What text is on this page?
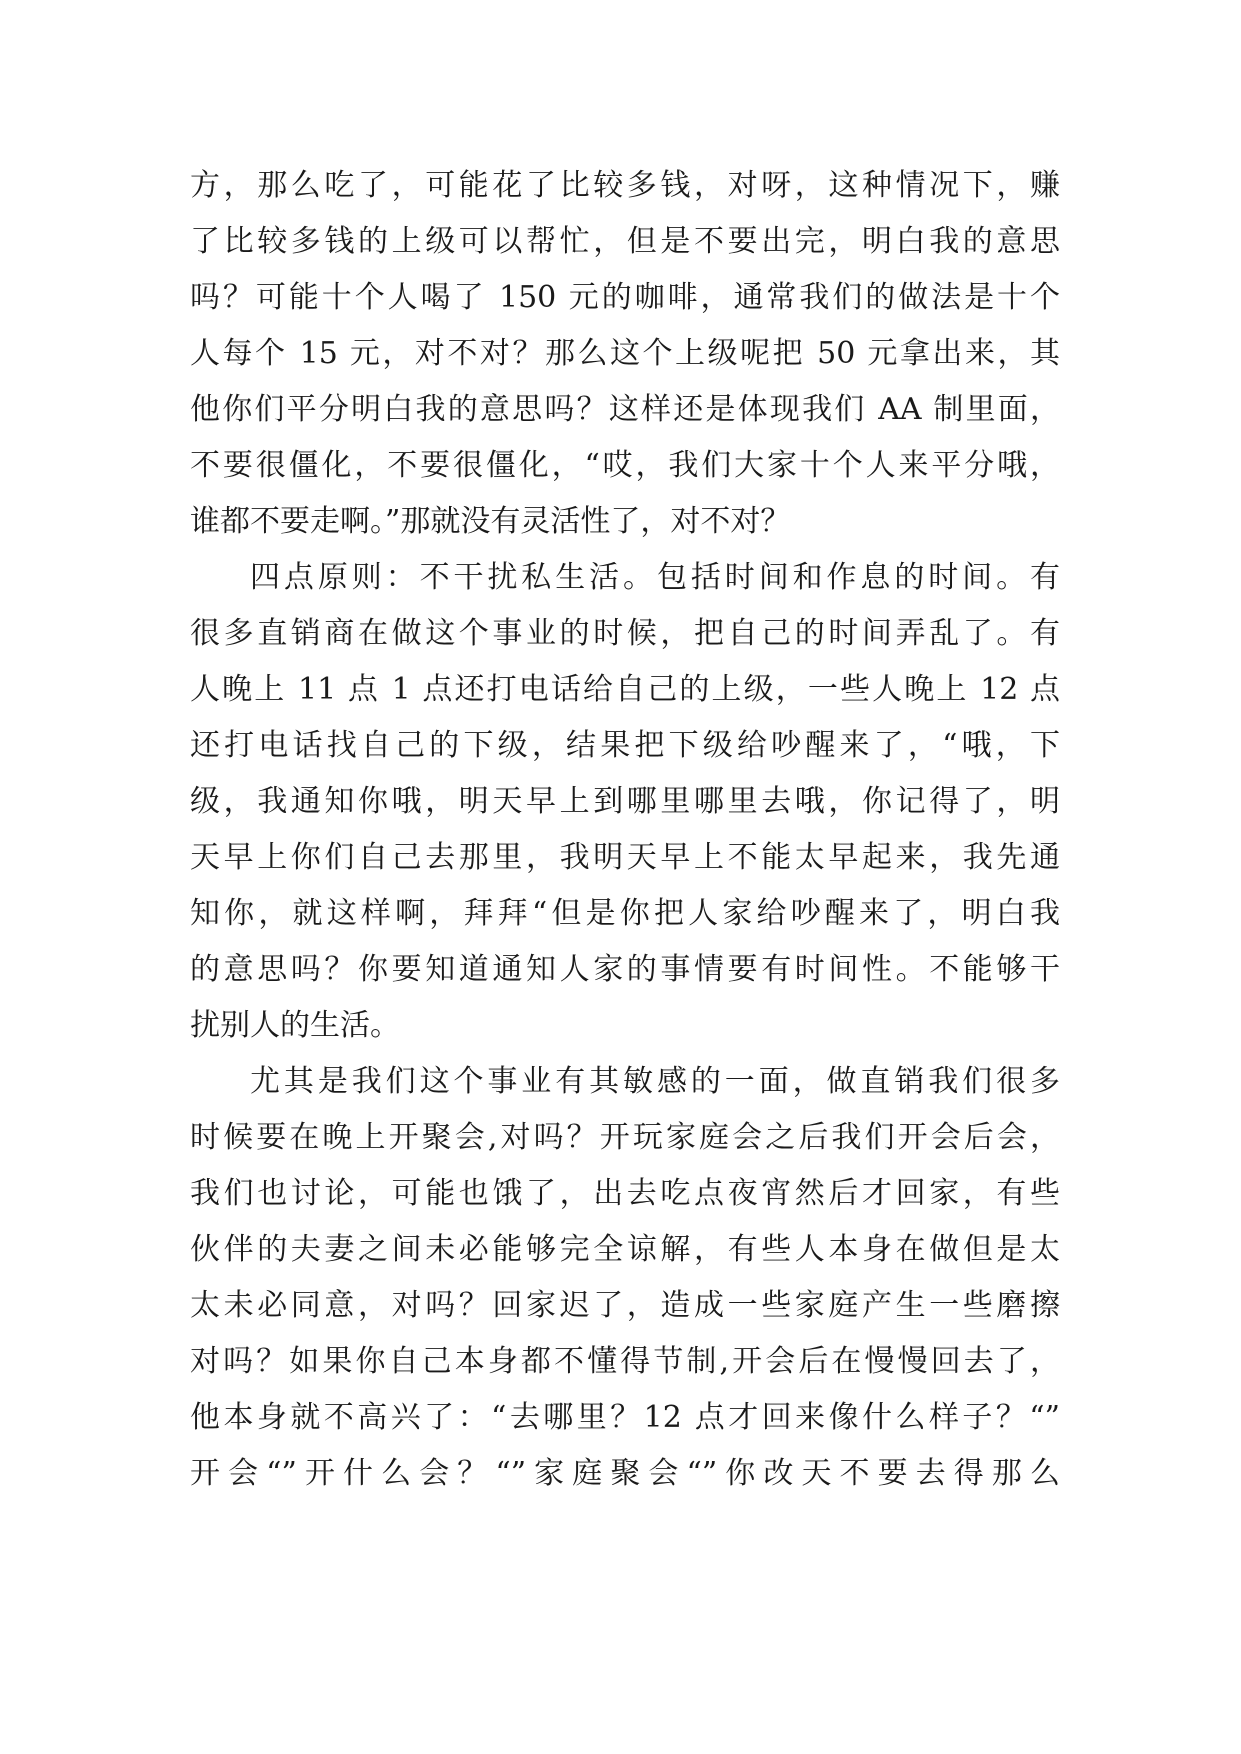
方，那么吃了，可能花了比较多钱，对呀，这种情况下，赚
了比较多钱的上级可以帮忙，但是不要出完，明白我的意思
吗？可能十个人喝了 150 元的咖啡，通常我们的做法是十个
人每个 15 元，对不对？那么这个上级呢把 50 元拿出来，其
他你们平分明白我的意思吗？这样还是体现我们 AA 制里面，
不要很僵化，不要很僵化，“哎，我们大家十个人来平分哦，
谁都不要走啊。”那就没有灵活性了，对不对？
四点原则：不干扰私生活。包括时间和作息的时间。有
很多直销商在做这个事业的时候，把自己的时间弄乱了。有
人晚上 11 点 1 点还打电话给自己的上级，一些人晚上 12 点
还打电话找自己的下级，结果把下级给吵醒来了，“哦，下
级，我通知你哦，明天早上到哪里哪里去哦，你记得了，明
天早上你们自己去那里，我明天早上不能太早起来，我先通
知你，就这样啊，拜拜“但是你把人家给吵醒来了，明白我
的意思吗？你要知道通知人家的事情要有时间性。不能够干
扰别人的生活。
尤其是我们这个事业有其敏感的一面，做直销我们很多
时候要在晚上开聚会,对吗？开玩家庭会之后我们开会后会，
我们也讨论，可能也饿了，出去吃点夜宵然后才回家，有些
伙伴的夫妻之间未必能够完全谅解，有些人本身在做但是太
太未必同意，对吗？回家迟了，造成一些家庭产生一些磨擦
对吗？如果你自己本身都不懂得节制,开会后在慢慢回去了，
他本身就不高兴了：“去哪里？12 点才回来像什么样子？“”
开会“”开什么会？“”家庭聚会“”你改天不要去得那么
